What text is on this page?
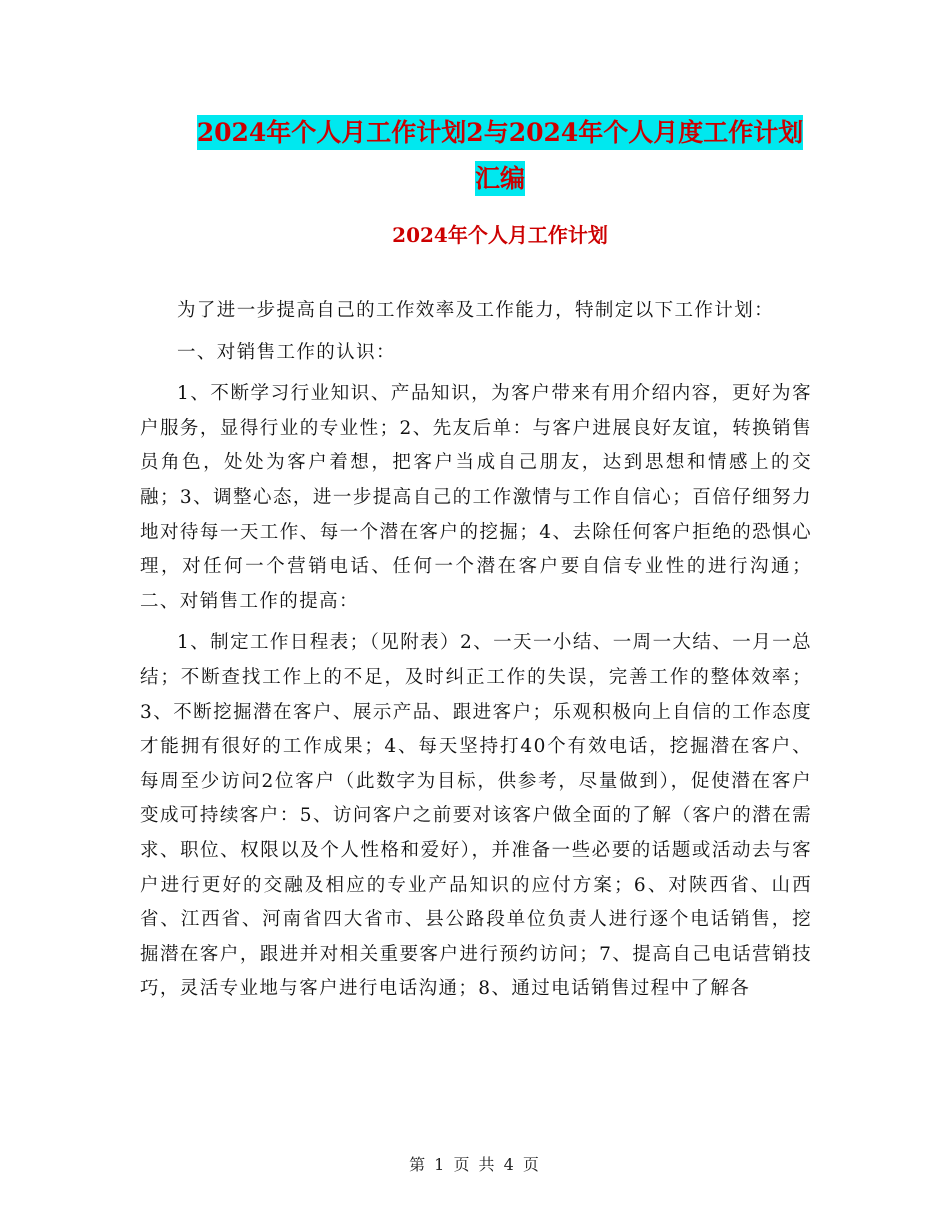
2024年个人月工作计划2与2024年个人月度工作计划
汇编
2024年个人月工作计划

为了进一步提高自己的工作效率及工作能力，特制定以下工作计划：

一、对销售工作的认识：

1、不断学习行业知识、产品知识，为客户带来有用介绍内容，更好为客户服务，显得行业的专业性；2、先友后单：与客户进展良好友谊，转换销售员角色，处处为客户着想，把客户当成自己朋友，达到思想和情感上的交融；3、调整心态，进一步提高自己的工作激情与工作自信心；百倍仔细努力地对待每一天工作、每一个潜在客户的挖掘；4、去除任何客户拒绝的恐惧心理，对任何一个营销电话、任何一个潜在客户要自信专业性的进行沟通；二、对销售工作的提高：

1、制定工作日程表；（见附表）2、一天一小结、一周一大结、一月一总结；不断查找工作上的不足，及时纠正工作的失误，完善工作的整体效率；3、不断挖掘潜在客户、展示产品、跟进客户；乐观积极向上自信的工作态度才能拥有很好的工作成果；4、每天坚持打40个有效电话，挖掘潜在客户、每周至少访问2位客户（此数字为目标，供参考，尽量做到），促使潜在客户变成可持续客户：5、访问客户之前要对该客户做全面的了解（客户的潜在需求、职位、权限以及个人性格和爱好），并准备一些必要的话题或活动去与客户进行更好的交融及相应的专业产品知识的应付方案；6、对陕西省、山西省、江西省、河南省四大省市、县公路段单位负责人进行逐个电话销售，挖掘潜在客户，跟进并对相关重要客户进行预约访问；7、提高自己电话营销技巧，灵活专业地与客户进行电话沟通；8、通过电话销售过程中了解各

第 1 页 共 4 页
